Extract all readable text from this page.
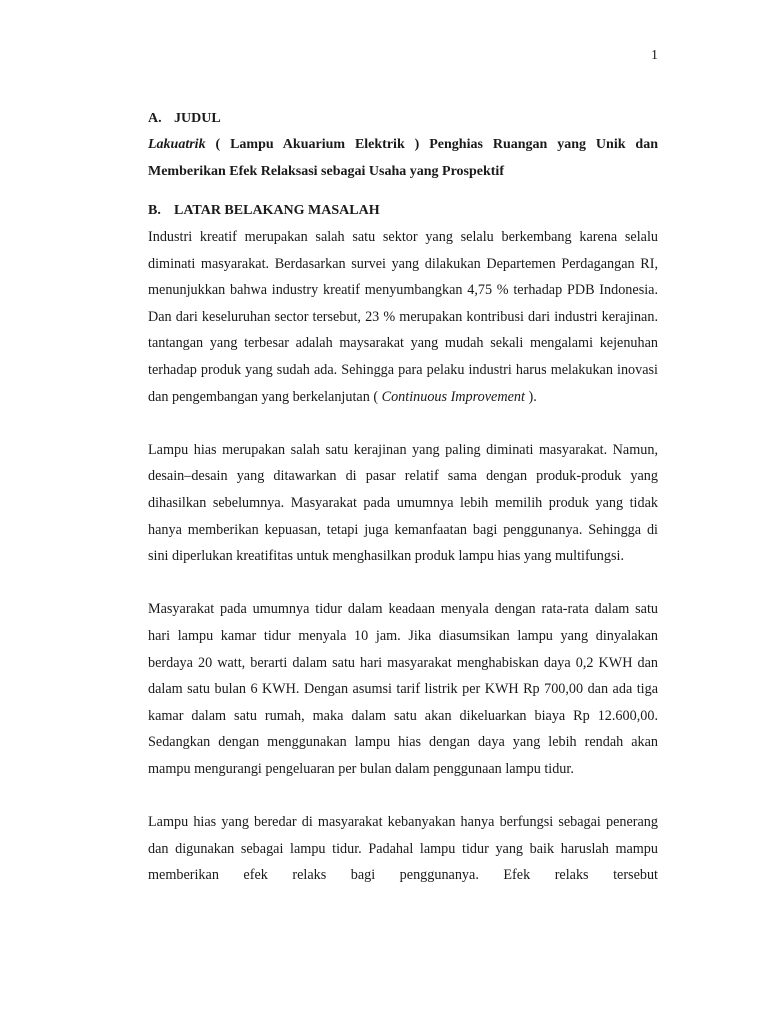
1
A. JUDUL

Lakuatrik ( Lampu Akuarium Elektrik ) Penghias Ruangan yang Unik dan Memberikan Efek Relaksasi sebagai Usaha yang Prospektif

B. LATAR BELAKANG MASALAH

Industri kreatif merupakan salah satu sektor yang selalu berkembang karena selalu diminati masyarakat. Berdasarkan survei yang dilakukan Departemen Perdagangan RI, menunjukkan bahwa industry kreatif menyumbangkan 4,75 % terhadap PDB Indonesia. Dan dari keseluruhan sector tersebut, 23 % merupakan kontribusi dari industri kerajinan. tantangan yang terbesar adalah maysarakat yang mudah sekali mengalami kejenuhan terhadap produk yang sudah ada. Sehingga para pelaku industri harus melakukan inovasi dan pengembangan yang berkelanjutan ( Continuous Improvement ).

Lampu hias merupakan salah satu kerajinan yang paling diminati masyarakat. Namun, desain–desain yang ditawarkan di pasar relatif sama dengan produk-produk yang dihasilkan sebelumnya. Masyarakat pada umumnya lebih memilih produk yang tidak hanya memberikan kepuasan, tetapi juga kemanfaatan bagi penggunanya. Sehingga di sini diperlukan kreatifitas untuk menghasilkan produk lampu hias yang multifungsi.

Masyarakat pada umumnya tidur dalam keadaan menyala dengan rata-rata dalam satu hari lampu kamar tidur menyala 10 jam. Jika diasumsikan lampu yang dinyalakan berdaya 20 watt, berarti dalam satu hari masyarakat menghabiskan daya 0,2 KWH dan dalam satu bulan 6 KWH. Dengan asumsi tarif listrik per KWH Rp 700,00 dan ada tiga kamar dalam satu rumah, maka dalam satu akan dikeluarkan biaya Rp 12.600,00. Sedangkan dengan menggunakan lampu hias dengan daya yang lebih rendah akan mampu mengurangi pengeluaran per bulan dalam penggunaan lampu tidur.

Lampu hias yang beredar di masyarakat kebanyakan hanya berfungsi sebagai penerang dan digunakan sebagai lampu tidur. Padahal lampu tidur yang baik haruslah mampu memberikan efek relaks bagi penggunanya. Efek relaks tersebut
